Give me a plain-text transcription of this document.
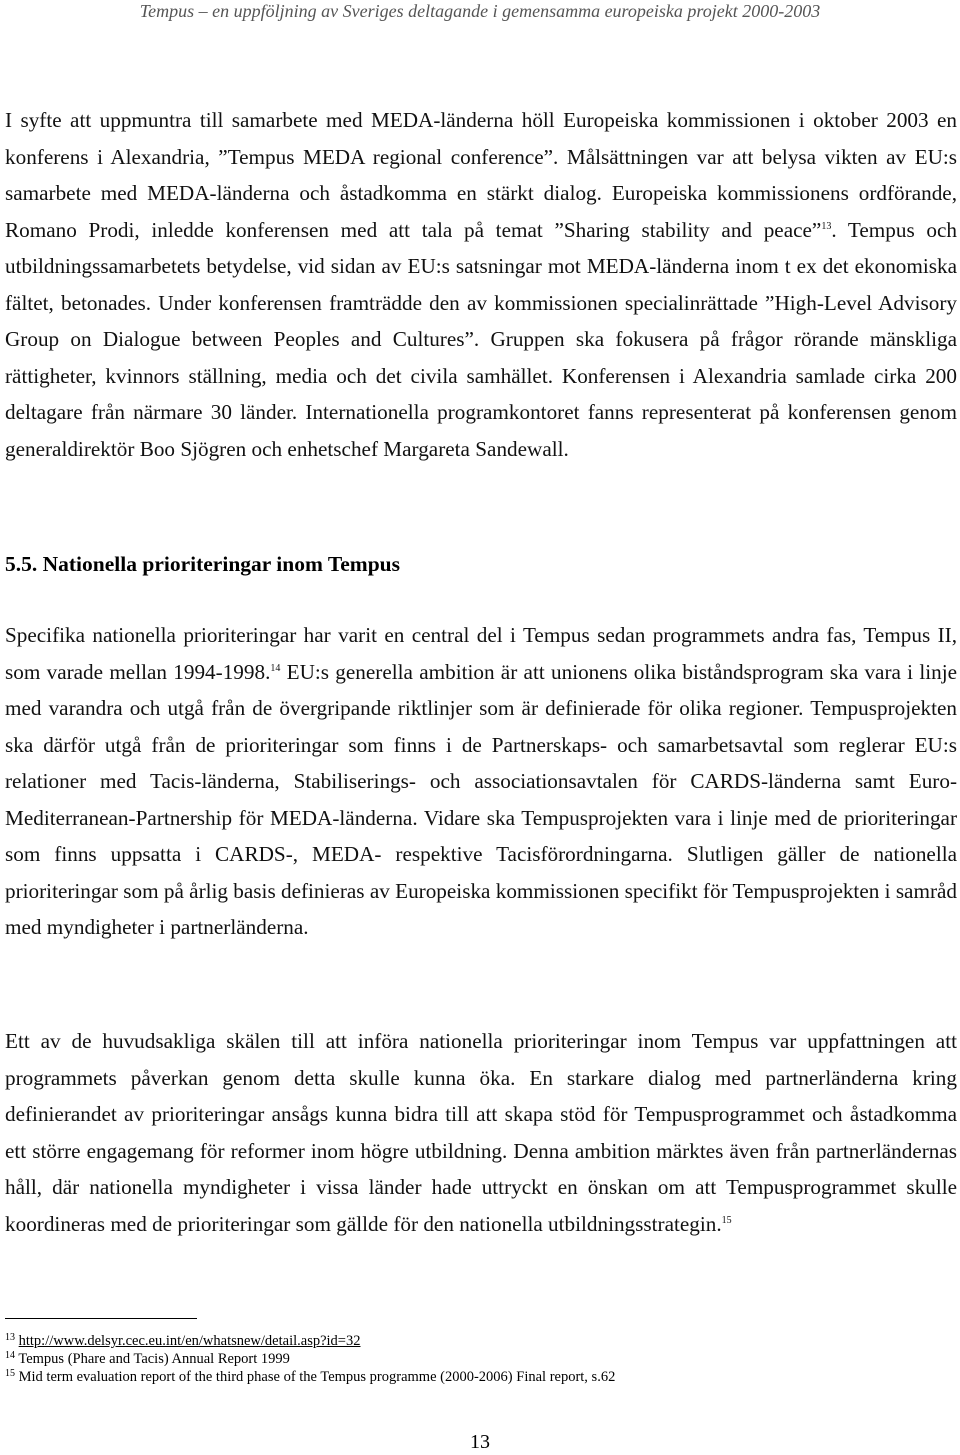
Tempus – en uppföljning av Sveriges deltagande i gemensamma europeiska projekt 2000-2003

I syfte att uppmuntra till samarbete med MEDA-länderna höll Europeiska kommissionen i oktober 2003 en konferens i Alexandria, ”Tempus MEDA regional conference”. Målsättningen var att belysa vikten av EU:s samarbete med MEDA-länderna och åstadkomma en stärkt dialog. Europeiska kommissionens ordförande, Romano Prodi, inledde konferensen med att tala på temat ”Sharing stability and peace”$^{13}$. Tempus och utbildningssamarbetets betydelse, vid sidan av EU:s satsningar mot MEDA-länderna inom t ex det ekonomiska fältet, betonades. Under konferensen framträdde den av kommissionen specialinrättade ”High-Level Advisory Group on Dialogue between Peoples and Cultures”. Gruppen ska fokusera på frågor rörande mänskliga rättigheter, kvinnors ställning, media och det civila samhället. Konferensen i Alexandria samlade cirka 200 deltagare från närmare 30 länder. Internationella programkontoret fanns representerat på konferensen genom generaldirektör Boo Sjögren och enhetschef Margareta Sandewall.

5.5. Nationella prioriteringar inom Tempus

Specifika nationella prioriteringar har varit en central del i Tempus sedan programmets andra fas, Tempus II, som varade mellan 1994-1998.14 EU:s generella ambition är att unionens olika biståndsprogram ska vara i linje med varandra och utgå från de övergripande riktlinjer som är definierade för olika regioner. Tempusprojekten ska därför utgå från de prioriteringar som finns i de Partnerskaps- och samarbetsavtal som reglerar EU:s relationer med Tacis-länderna, Stabiliserings- och associationsavtalen för CARDS-länderna samt Euro-Mediterranean-Partnership för MEDA-länderna. Vidare ska Tempusprojekten vara i linje med de prioriteringar som finns uppsatta i CARDS-, MEDA- respektive Tacisförordningarna. Slutligen gäller de nationella prioriteringar som på årlig basis definieras av Europeiska kommissionen specifikt för Tempusprojekten i samråd med myndigheter i partnerländerna.

Ett av de huvudsakliga skälen till att införa nationella prioriteringar inom Tempus var uppfattningen att programmets påverkan genom detta skulle kunna öka. En starkare dialog med partnerländerna kring definierandet av prioriteringar ansågs kunna bidra till att skapa stöd för Tempusprogrammet och åstadkomma ett större engagemang för reformer inom högre utbildning. Denna ambition märktes även från partnerländernas håll, där nationella myndigheter i vissa länder hade uttryckt en önskan om att Tempusprogrammet skulle koordineras med de prioriteringar som gällde för den nationella utbildningsstrategin.$^{15}$

$^{13}$ http://www.delsyr.cec.eu.int/en/whatsnew/detail.asp?id=32
$^{14}$ Tempus (Phare and Tacis) Annual Report 1999
$^{15}$ Mid term evaluation report of the third phase of the Tempus programme (2000-2006) Final report, s.62
13
